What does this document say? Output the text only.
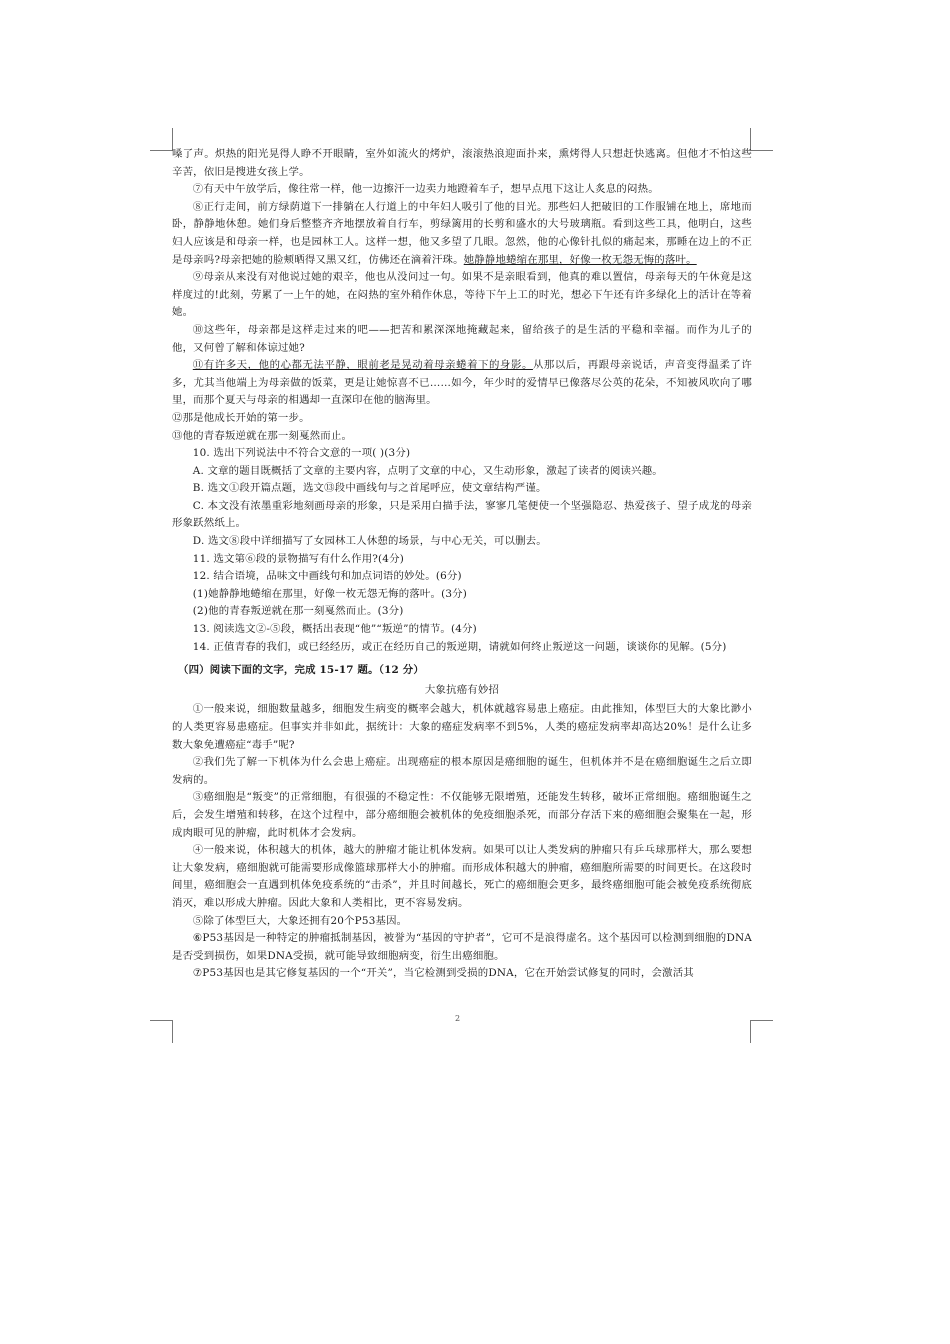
嗓了声。炽热的阳光晃得人睁不开眼睛，室外如流火的烤炉，滚滚热浪迎面扑来，熏烤得人只想赶快逃离。但他才不怕这些辛苦，依旧是搜进女孩上学。

⑦有天中午放学后，像往常一样，他一边擦汗一边卖力地蹬着车子，想早点甩下这让人炙息的闷热。

⑧正行走间，前方绿荫道下一排躺在人行道上的中年妇人吸引了他的目光。那些妇人把破旧的工作服铺在地上，席地而卧，静静地休憩。她们身后整整齐齐地摆放着自行车，剪绿篱用的长剪和盛水的大号玻璃瓶。看到这些工具，他明白，这些妇人应该是和母亲一样，也是园林工人。这样一想，他又多望了几眼。忽然，他的心像针扎似的痛起来，那睡在边上的不正是母亲吗?母亲把她的脸颊晒得又黑又红，仿佛还在滴着汗珠。她静静地蜷缩在那里，好像一枚无怨无悔的落叶。

⑨母亲从来没有对他说过她的艰辛，他也从没问过一句。如果不是亲眼看到，他真的难以置信，母亲每天的午休竟是这样度过的!此刻，劳累了一上午的她，在闷热的室外稍作休息，等待下午上工的时光，想必下午还有许多绿化上的活计在等着她。

⑩这些年，母亲都是这样走过来的吧——把苦和累深深地掩藏起来，留给孩子的是生活的平稳和幸福。而作为儿子的他，又何曾了解和体谅过她?

⑪有许多天，他的心都无法平静，眼前老是晃动着母亲蜷着下的身影。从那以后，再跟母亲说话，声音变得温柔了许多，尤其当他端上为母亲做的饭菜，更是让她惊喜不已……如今，年少时的爱情早已像落尽公英的花朵，不知被风吹向了哪里，而那个夏天与母亲的相遇却一直深印在他的脑海里。

⑫那是他成长开始的第一步。

⑬他的青春叛逆就在那一刻戛然而止。

10. 选出下列说法中不符合文意的一项( )(3分)

A. 文章的题目既概括了文章的主要内容，点明了文章的中心，又生动形象，激起了读者的阅读兴趣。

B. 选文①段开篇点题，选文⑬段中画线句与之首尾呼应，使文章结构严谨。

C. 本文没有浓墨重彩地刻画母亲的形象，只是采用白描手法，寥寥几笔便使一个坚强隐忍、热爱孩子、望子成龙的母亲形象跃然纸上。

D. 选文⑧段中详细描写了女园林工人休憩的场景，与中心无关，可以删去。

11. 选文第⑥段的景物描写有什么作用?(4分)

12. 结合语境，品味文中画线句和加点词语的妙处。(6分)

(1)她静静地蜷缩在那里，好像一枚无怨无悔的落叶。(3分)

(2)他的青春叛逆就在那一刻戛然而止。(3分)

13. 阅读选文②-⑤段，概括出表现“他”“叛逆”的情节。(4分)

14. 正值青春的我们，或已经经历，或正在经历自己的叛逆期，请就如何终止叛逆这一问题，谈谈你的见解。(5分)

（四）阅读下面的文字，完成 15-17 题。（12 分）

大象抗癌有妙招

①一般来说，细胞数量越多，细胞发生病变的概率会越大，机体就越容易患上癌症。由此推知，体型巨大的大象比渺小的人类更容易患癌症。但事实并非如此，据统计：大象的癌症发病率不到5%，人类的癌症发病率却高达20%！是什么让多数大象免遭癌症“毒手”呢?

②我们先了解一下机体为什么会患上癌症。出现癌症的根本原因是癌细胞的诞生，但机体并不是在癌细胞诞生之后立即发病的。

③癌细胞是“叛变”的正常细胞，有很强的不稳定性：不仅能够无限增殖，还能发生转移，破坏正常细胞。癌细胞诞生之后，会发生增殖和转移，在这个过程中，部分癌细胞会被机体的免疫细胞杀死，而部分存活下来的癌细胞会聚集在一起，形成肉眼可见的肿瘤，此时机体才会发病。

④一般来说，体积越大的机体，越大的肿瘤才能让机体发病。如果可以让人类发病的肿瘤只有乒乓球那样大，那么要想让大象发病，癌细胞就可能需要形成像篮球那样大小的肿瘤。而形成体积越大的肿瘤，癌细胞所需要的时间更长。在这段时间里，癌细胞会一直遇到机体免疫系统的“击杀”，并且时间越长，死亡的癌细胞会更多，最终癌细胞可能会被免疫系统彻底消灭，难以形成大肿瘤。因此大象和人类相比，更不容易发病。

⑤除了体型巨大，大象还拥有20个P53基因。

⑥P53基因是一种特定的肿瘤抵制基因，被誉为“基因的守护者”，它可不是浪得虚名。这个基因可以检测到细胞的DNA是否受到损伤，如果DNA受损，就可能导致细胞病变，衍生出癌细胞。

⑦P53基因也是其它修复基因的一个“开关”，当它检测到受损的DNA，它在开始尝试修复的同时，会激活其

2
